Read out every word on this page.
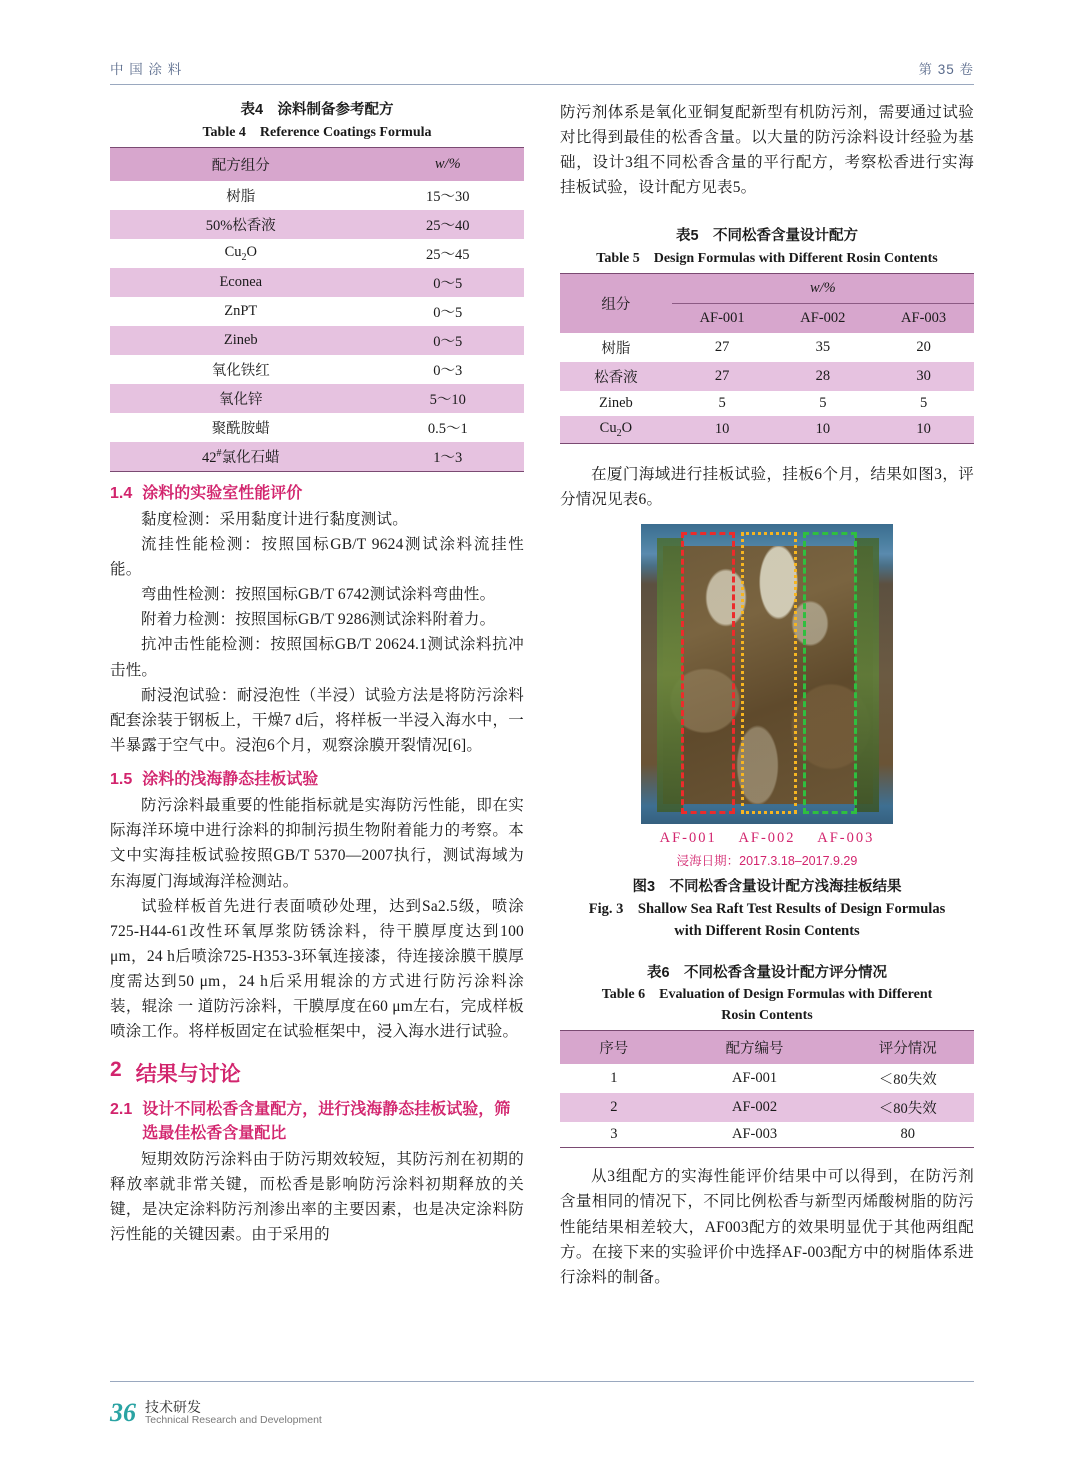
中 国 涂 料	第 35 卷
表4　涂料制备参考配方
Table 4　Reference Coatings Formula
配方组分	w/%
树脂	15～30
50%松香液	25～40
$Cu_2O$	25～45
Econea	0～5
ZnPT	0～5
Zineb	0～5
氧化铁红	0～3
氧化锌	5～10
聚酰胺蜡	0.5～1
42#氯化石蜡	1～3
1.4 涂料的实验室性能评价

黏度检测：采用黏度计进行黏度测试。

流挂性能检测：按照国标GB/T 9624测试涂料流挂性能。

弯曲性检测：按照国标GB/T 6742测试涂料弯曲性。

附着力检测：按照国标GB/T 9286测试涂料附着力。

抗冲击性能检测：按照国标GB/T 20624.1测试涂料抗冲击性。

耐浸泡试验：耐浸泡性（半浸）试验方法是将防污涂料配套涂装于钢板上，干燥7 d后，将样板一半浸入海水中，一半暴露于空气中。浸泡6个月，观察涂膜开裂情况[6]。

1.5 涂料的浅海静态挂板试验

防污涂料最重要的性能指标就是实海防污性能，即在实际海洋环境中进行涂料的抑制污损生物附着能力的考察。本文中实海挂板试验按照GB/T 5370—2007执行，测试海域为东海厦门海域海洋检测站。

试验样板首先进行表面喷砂处理，达到Sa2.5级，喷涂725-H44-61改性环氧厚浆防锈涂料，待干膜厚度达到100 μm，24 h后喷涂725-H353-3环氧连接漆，待连接涂膜干膜厚度需达到50 μm，24 h后采用辊涂的方式进行防污涂料涂装，辊涂 一 道防污涂料，干膜厚度在60 μm左右，完成样板喷涂工作。将样板固定在试验框架中，浸入海水进行试验。

2 结果与讨论
2.1 设计不同松香含量配方，进行浅海静态挂板试验，筛选最佳松香含量配比

短期效防污涂料由于防污期效较短，其防污剂在初期的释放率就非常关键，而松香是影响防污涂料初期释放的关键，是决定涂料防污剂渗出率的主要因素，也是决定涂料防污性能的关键因素。由于采用的

防污剂体系是氧化亚铜复配新型有机防污剂，需要通过试验对比得到最佳的松香含量。以大量的防污涂料设计经验为基础，设计3组不同松香含量的平行配方，考察松香进行实海挂板试验，设计配方见表5。

表5　不同松香含量设计配方
Table 5　Design Formulas with Different Rosin Contents
组分	w/%		
	AF-001	AF-002	AF-003
树脂	27	35	20
松香液	27	28	30
Zineb	5	5	5
$Cu_2O$	10	10	10

在厦门海域进行挂板试验，挂板6个月，结果如图3，评分情况见表6。

AF-001 AF-002 AF-003
浸海日期：2017.3.18–2017.9.29
图3　不同松香含量设计配方浅海挂板结果
Fig. 3　Shallow Sea Raft Test Results of Design Formulas
with Different Rosin Contents
表6　不同松香含量设计配方评分情况
Table 6　Evaluation of Design Formulas with Different
Rosin Contents
序号	配方编号	评分情况
1	AF-001	＜80失效
2	AF-002	＜80失效
3	AF-003	80

从3组配方的实海性能评价结果中可以得到，在防污剂含量相同的情况下，不同比例松香与新型丙烯酸树脂的防污性能结果相差较大，AF003配方的效果明显优于其他两组配方。在接下来的实验评价中选择AF-003配方中的树脂体系进行涂料的制备。

36 技术研发
Technical Research and Development
